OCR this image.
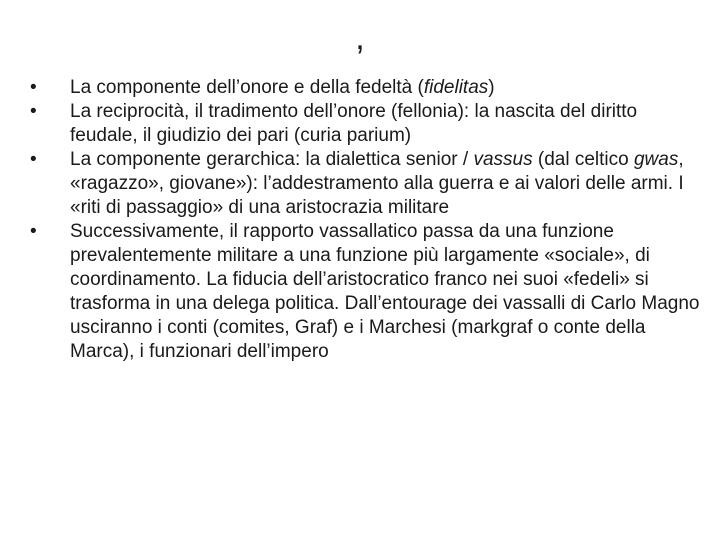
,
•	La componente dell’onore e della fedeltà (fidelitas)
•	La reciprocità, il tradimento dell’onore (fellonia): la nascita del diritto feudale, il giudizio dei pari (curia parium)
•	La componente gerarchica: la dialettica senior / vassus (dal celtico gwas, «ragazzo», giovane»): l’addestramento alla guerra e ai valori delle armi. I «riti di passaggio» di una aristocrazia militare
•	Successivamente, il rapporto vassallatico passa da una funzione prevalentemente militare a una funzione più largamente «sociale», di coordinamento. La fiducia dell’aristocratico franco nei suoi «fedeli» si trasforma in una delega politica. Dall’entourage dei vassalli di Carlo Magno usciranno i conti (comites, Graf) e i Marchesi (markgraf o conte della Marca), i funzionari dell’impero
